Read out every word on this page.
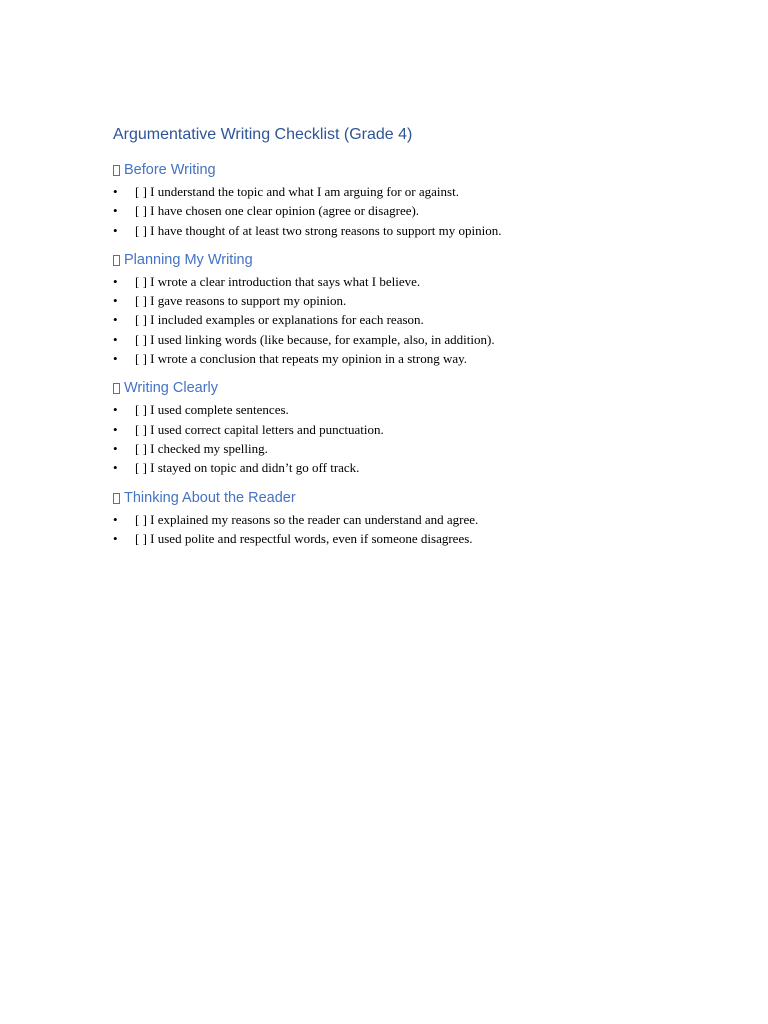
Argumentative Writing Checklist (Grade 4)
Before Writing
• [ ] I understand the topic and what I am arguing for or against.
• [ ] I have chosen one clear opinion (agree or disagree).
• [ ] I have thought of at least two strong reasons to support my opinion.
Planning My Writing
• [ ] I wrote a clear introduction that says what I believe.
• [ ] I gave reasons to support my opinion.
• [ ] I included examples or explanations for each reason.
• [ ] I used linking words (like because, for example, also, in addition).
• [ ] I wrote a conclusion that repeats my opinion in a strong way.
Writing Clearly
• [ ] I used complete sentences.
• [ ] I used correct capital letters and punctuation.
• [ ] I checked my spelling.
• [ ] I stayed on topic and didn’t go off track.
Thinking About the Reader
• [ ] I explained my reasons so the reader can understand and agree.
• [ ] I used polite and respectful words, even if someone disagrees.
